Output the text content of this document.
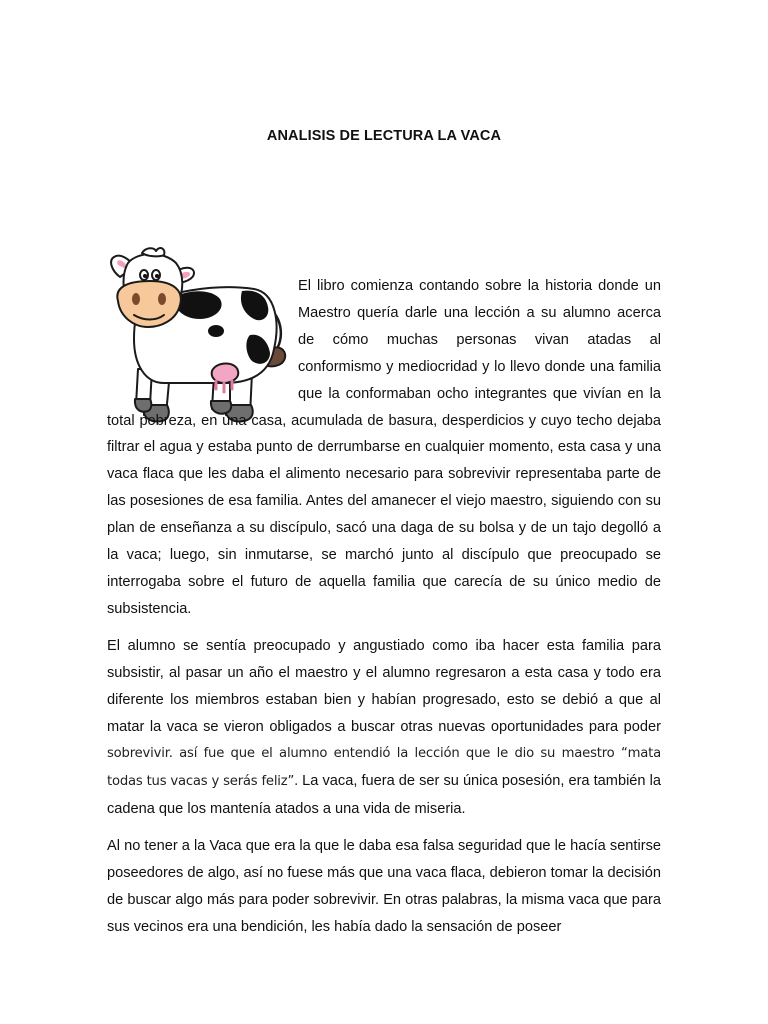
ANALISIS DE LECTURA LA VACA

El libro comienza contando sobre la historia donde un Maestro quería darle una lección a su alumno acerca de cómo muchas personas vivan atadas al conformismo y mediocridad y lo llevo donde una familia que la conformaban ocho integrantes que vivían en la total pobreza, en una casa, acumulada de basura, desperdicios y cuyo techo dejaba filtrar el agua y estaba punto de derrumbarse en cualquier momento, esta casa y una vaca flaca que les daba el alimento necesario para sobrevivir representaba parte de las posesiones de esa familia. Antes del amanecer el viejo maestro, siguiendo con su plan de enseñanza a su discípulo, sacó una daga de su bolsa y de un tajo degolló a la vaca; luego, sin inmutarse, se marchó junto al discípulo que preocupado se interrogaba sobre el futuro de aquella familia que carecía de su único medio de subsistencia.

El alumno se sentía preocupado y angustiado como iba hacer esta familia para subsistir, al pasar un año el maestro y el alumno regresaron a esta casa y todo era diferente los miembros estaban bien y habían progresado, esto se debió a que al matar la vaca se vieron obligados a buscar otras nuevas oportunidades para poder sobrevivir. así fue que el alumno entendió la lección que le dio su maestro “mata todas tus vacas y serás feliz”. La vaca, fuera de ser su única posesión, era también la cadena que los mantenía atados a una vida de miseria.

Al no tener a la Vaca que era la que le daba esa falsa seguridad que le hacía sentirse poseedores de algo, así no fuese más que una vaca flaca, debieron tomar la decisión de buscar algo más para poder sobrevivir. En otras palabras, la misma vaca que para sus vecinos era una bendición, les había dado la sensación de poseer
